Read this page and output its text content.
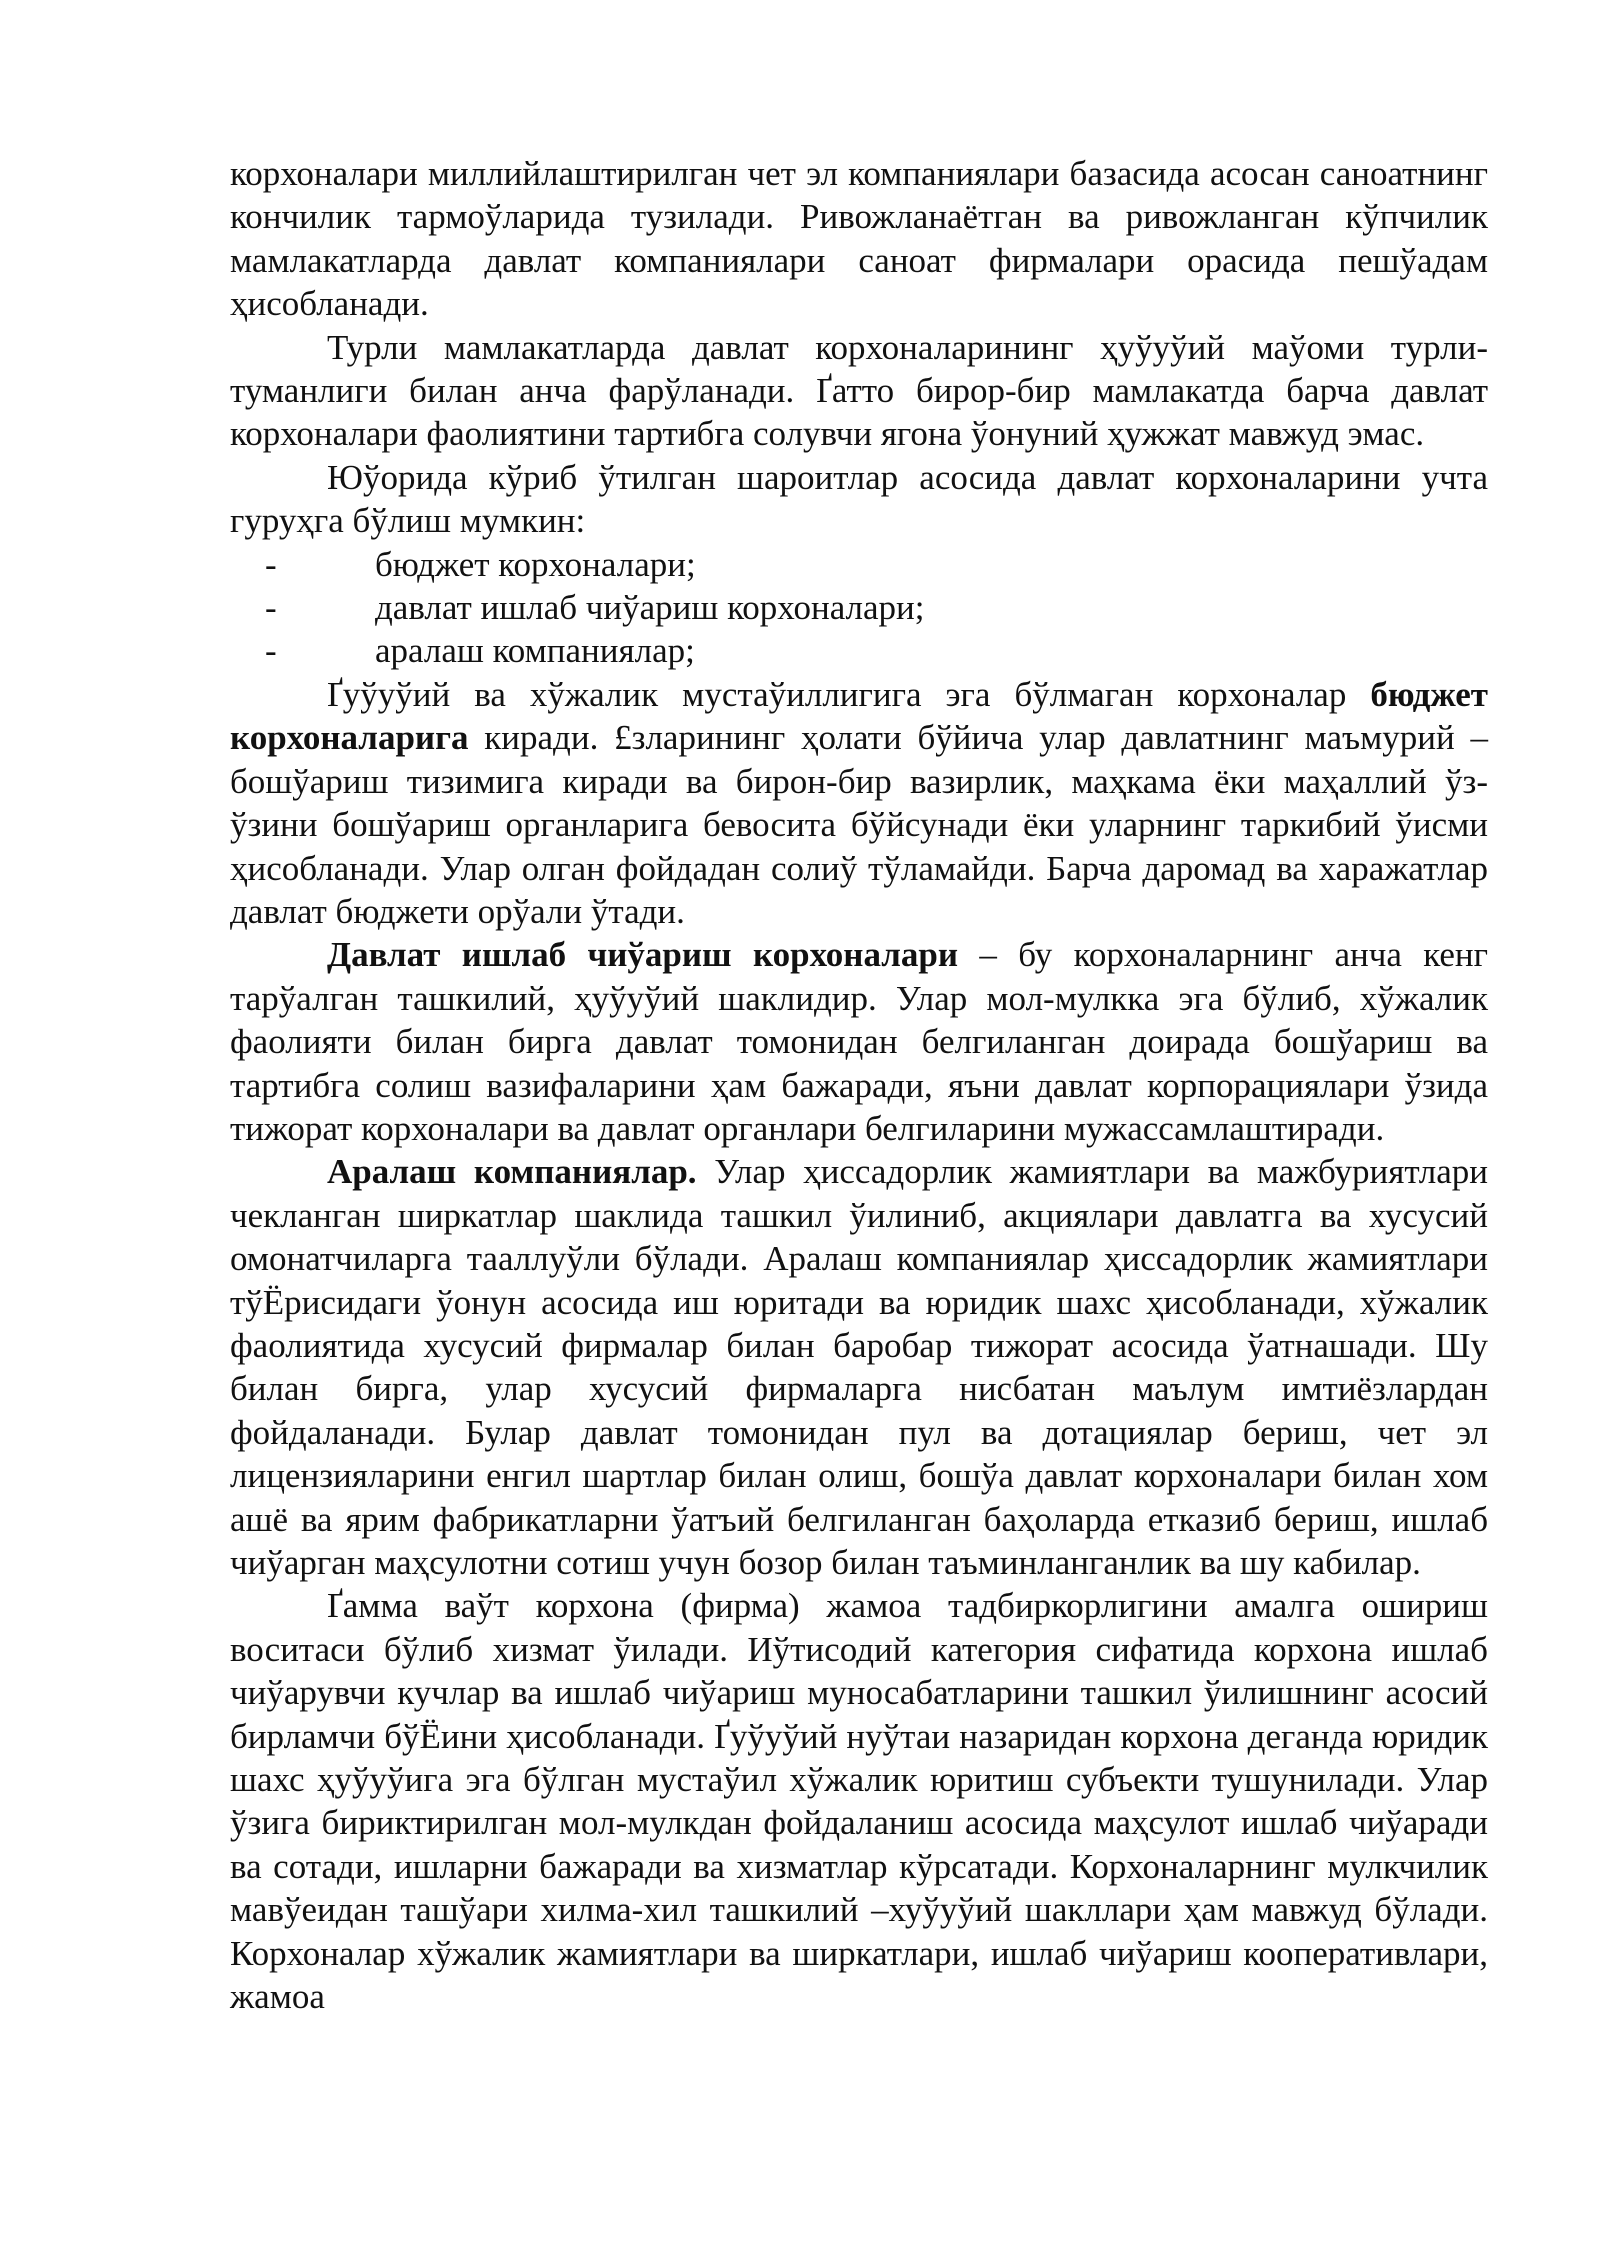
корхоналари миллийлаштирилган чет эл компаниялари базасида асосан саноатнинг кончилик тармоўларида тузилади. Ривожланаётган ва ривожланган кўпчилик мамлакатларда давлат компаниялари саноат фирмалари орасида пешўадам ҳисобланади.

Турли мамлакатларда давлат корхоналарининг ҳуўуўий маўоми турли-туманлиги билан анча фарўланади. Ґатто бирор-бир мамлакатда барча давлат корхоналари фаолиятини тартибга солувчи ягона ўонуний ҳужжат мавжуд эмас.

Юўорида кўриб ўтилган шароитлар асосида давлат корхоналарини учта гуруҳга бўлиш мумкин:

-	бюджет корхоналари;
-	давлат ишлаб чиўариш корхоналари;
-	аралаш компаниялар;

Ґуўуўий ва хўжалик мустаўиллигига эга бўлмаган корхоналар бюджет корхоналарига киради. £зларининг ҳолати бўйича улар давлатнинг маъмурий – бошўариш тизимига киради ва бирон-бир вазирлик, маҳкама ёки маҳаллий ўз-ўзини бошўариш органларига бевосита бўйсунади ёки уларнинг таркибий ўисми ҳисобланади. Улар олган фойдадан солиў тўламайди. Барча даромад ва харажатлар давлат бюджети орўали ўтади.

Давлат ишлаб чиўариш корхоналари – бу корхоналарнинг анча кенг тарўалган ташкилий, ҳуўуўий шаклидир. Улар мол-мулкка эга бўлиб, хўжалик фаолияти билан бирга давлат томонидан белгиланган доирада бошўариш ва тартибга солиш вазифаларини ҳам бажаради, яъни давлат корпорациялари ўзида тижорат корхоналари ва давлат органлари белгиларини мужассамлаштиради.

Аралаш компаниялар. Улар ҳиссадорлик жамиятлари ва мажбуриятлари чекланган ширкатлар шаклида ташкил ўилиниб, акциялари давлатга ва хусусий омонатчиларга тааллуўли бўлади. Аралаш компаниялар ҳиссадорлик жамиятлари тўЁрисидаги ўонун асосида иш юритади ва юридик шахс ҳисобланади, хўжалик фаолиятида хусусий фирмалар билан баробар тижорат асосида ўатнашади. Шу билан бирга, улар хусусий фирмаларга нисбатан маълум имтиёзлардан фойдаланади. Булар давлат томонидан пул ва дотациялар бериш, чет эл лицензияларини енгил шартлар билан олиш, бошўа давлат корхоналари билан хом ашё ва ярим фабрикатларни ўатъий белгиланган баҳоларда етказиб бериш, ишлаб чиўарган маҳсулотни сотиш учун бозор билан таъминланганлик ва шу кабилар.

Ґамма ваўт корхона (фирма) жамоа тадбиркорлигини амалга ошириш воситаси бўлиб хизмат ўилади. Иўтисодий категория сифатида корхона ишлаб чиўарувчи кучлар ва ишлаб чиўариш муносабатларини ташкил ўилишнинг асосий бирламчи бўЁини ҳисобланади. Ґуўуўий нуўтаи назаридан корхона деганда юридик шахс ҳуўуўига эга бўлган мустаўил хўжалик юритиш субъекти тушунилади. Улар ўзига бириктирилган мол-мулкдан фойдаланиш асосида маҳсулот ишлаб чиўаради ва сотади, ишларни бажаради ва хизматлар кўрсатади. Корхоналарнинг мулкчилик мавўеидан ташўари хилма-хил ташкилий –хуўуўий шакллари ҳам мавжуд бўлади. Корхоналар хўжалик жамиятлари ва ширкатлари, ишлаб чиўариш кооперативлари, жамоа
